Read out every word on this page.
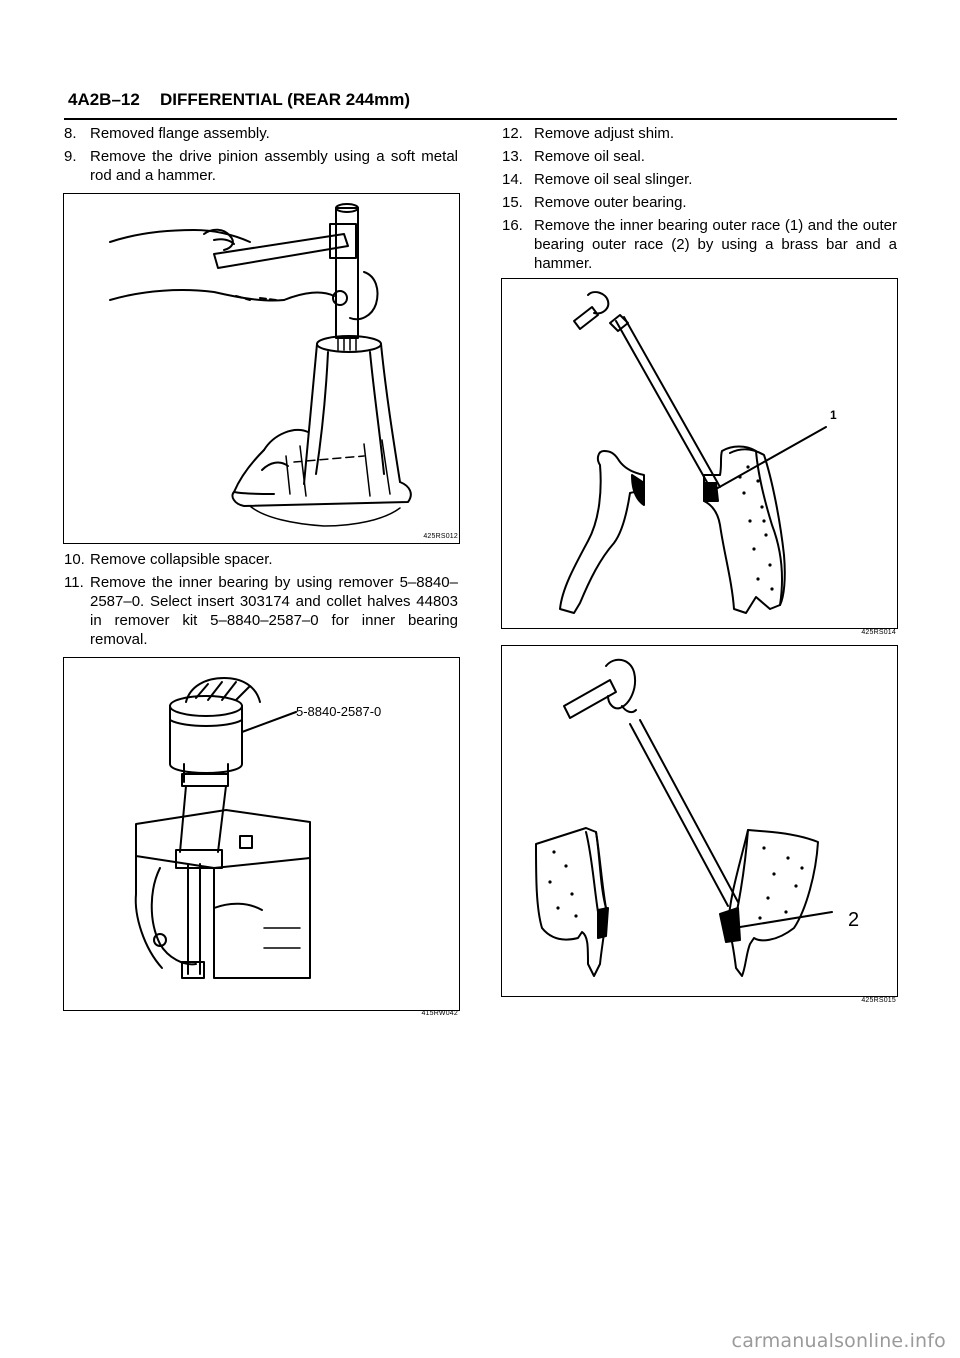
4A2B–12 DIFFERENTIAL (REAR 244mm)
8. Removed flange assembly.
9. Remove the drive pinion assembly using a soft metal rod and a hammer.
425RS012
10. Remove collapsible spacer.
11. Remove the inner bearing by using remover 5–8840–2587–0. Select insert 303174 and collet halves 44803 in remover kit 5–8840–2587–0 for inner bearing removal.
5-8840-2587-0
415RW042
12. Remove adjust shim.
13. Remove oil seal.
14. Remove oil seal slinger.
15. Remove outer bearing.
16. Remove the inner bearing outer race (1) and the outer bearing outer race (2) by using a brass bar and a hammer.
1
425RS014
2
425RS015
carmanualsonline.info
